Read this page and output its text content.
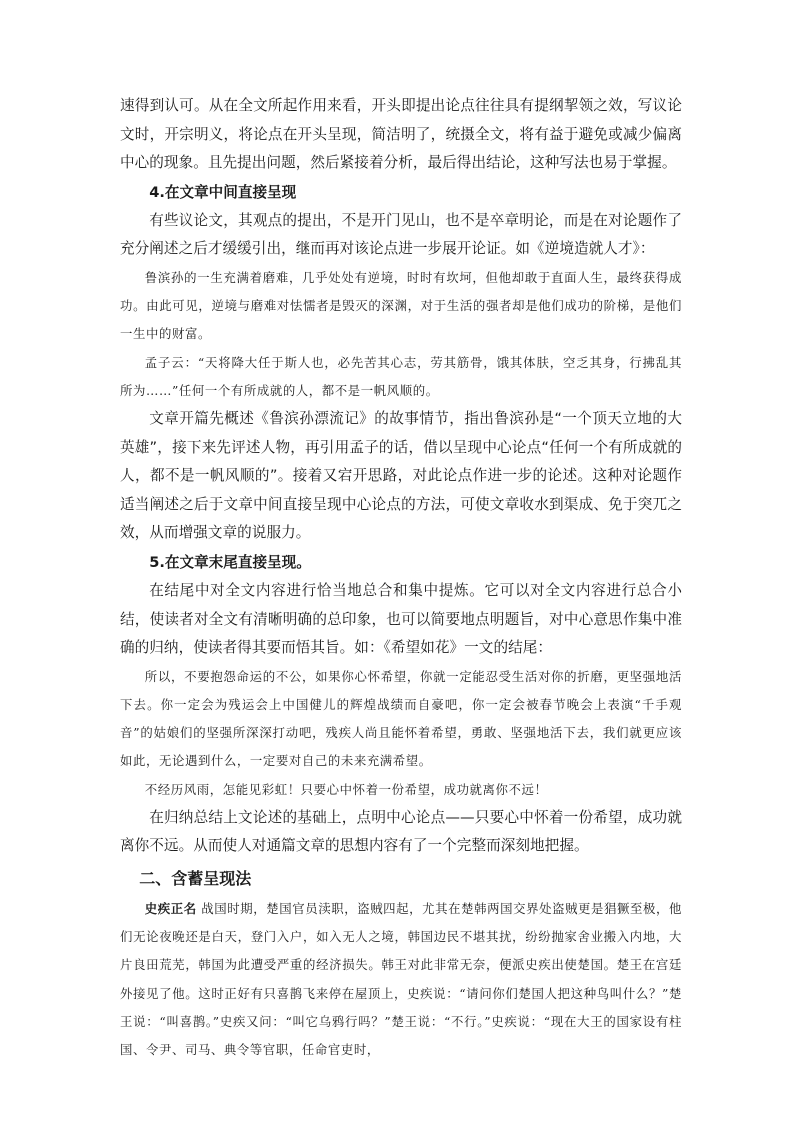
速得到认可。从在全文所起作用来看，开头即提出论点往往具有提纲挈领之效，写议论文时，开宗明义，将论点在开头呈现，简洁明了，统摄全文，将有益于避免或减少偏离中心的现象。且先提出问题，然后紧接着分析，最后得出结论，这种写法也易于掌握。

4.在文章中间直接呈现

有些议论文，其观点的提出，不是开门见山，也不是卒章明论，而是在对论题作了充分阐述之后才缓缓引出，继而再对该论点进一步展开论证。如《逆境造就人才》：

鲁滨孙的一生充满着磨难，几乎处处有逆境，时时有坎坷，但他却敢于直面人生，最终获得成功。由此可见，逆境与磨难对怯懦者是毁灭的深渊，对于生活的强者却是他们成功的阶梯，是他们一生中的财富。

孟子云：“天将降大任于斯人也，必先苦其心志，劳其筋骨，饿其体肤，空乏其身，行拂乱其所为……”任何一个有所成就的人，都不是一帆风顺的。

文章开篇先概述《鲁滨孙漂流记》的故事情节，指出鲁滨孙是“一个顶天立地的大英雄”，接下来先评述人物，再引用孟子的话，借以呈现中心论点“任何一个有所成就的人，都不是一帆风顺的”。接着又宕开思路，对此论点作进一步的论述。这种对论题作适当阐述之后于文章中间直接呈现中心论点的方法，可使文章收水到渠成、免于突兀之效，从而增强文章的说服力。

5.在文章末尾直接呈现。

在结尾中对全文内容进行恰当地总合和集中提炼。它可以对全文内容进行总合小结，使读者对全文有清晰明确的总印象，也可以简要地点明题旨，对中心意思作集中准确的归纳，使读者得其要而悟其旨。如：《希望如花》一文的结尾：

所以，不要抱怨命运的不公，如果你心怀希望，你就一定能忍受生活对你的折磨，更坚强地活下去。你一定会为残运会上中国健儿的辉煌战绩而自豪吧，你一定会被春节晚会上表演“千手观音”的姑娘们的坚强所深深打动吧，残疾人尚且能怀着希望，勇敢、坚强地活下去，我们就更应该如此，无论遇到什么，一定要对自己的未来充满希望。

不经历风雨，怎能见彩虹！只要心中怀着一份希望，成功就离你不远！

在归纳总结上文论述的基础上，点明中心论点——只要心中怀着一份希望，成功就离你不远。从而使人对通篇文章的思想内容有了一个完整而深刻地把握。

二、含蓄呈现法

史疾正名 战国时期，楚国官员渎职，盗贼四起，尤其在楚韩两国交界处盗贼更是猖獗至极，他们无论夜晚还是白天，登门入户，如入无人之境，韩国边民不堪其扰，纷纷抛家舍业搬入内地，大片良田荒芜，韩国为此遭受严重的经济损失。韩王对此非常无奈，便派史疾出使楚国。楚王在宫廷外接见了他。这时正好有只喜鹊飞来停在屋顶上，史疾说：“请问你们楚国人把这种鸟叫什么？”楚王说：“叫喜鹊。”史疾又问：“叫它乌鸦行吗？”楚王说：“不行。”史疾说：“现在大王的国家设有柱国、令尹、司马、典令等官职，任命官吏时，
